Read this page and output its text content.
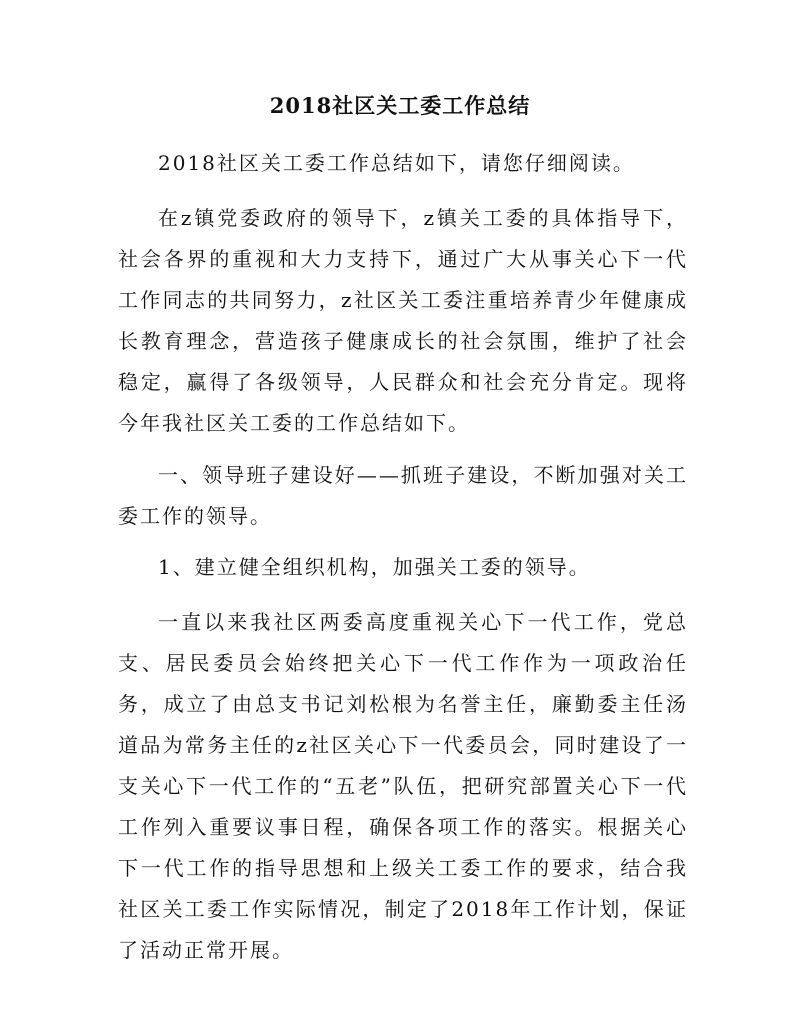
2018社区关工委工作总结
2018社区关工委工作总结如下，请您仔细阅读。
在z镇党委政府的领导下，z镇关工委的具体指导下，社会各界的重视和大力支持下，通过广大从事关心下一代工作同志的共同努力，z社区关工委注重培养青少年健康成长教育理念，营造孩子健康成长的社会氛围，维护了社会稳定，赢得了各级领导，人民群众和社会充分肯定。现将今年我社区关工委的工作总结如下。
一、领导班子建设好——抓班子建设，不断加强对关工委工作的领导。
1、建立健全组织机构，加强关工委的领导。
一直以来我社区两委高度重视关心下一代工作，党总支、居民委员会始终把关心下一代工作作为一项政治任务，成立了由总支书记刘松根为名誉主任，廉勤委主任汤道品为常务主任的z社区关心下一代委员会，同时建设了一支关心下一代工作的“五老”队伍，把研究部置关心下一代工作列入重要议事日程，确保各项工作的落实。根据关心下一代工作的指导思想和上级关工委工作的要求，结合我社区关工委工作实际情况，制定了2018年工作计划，保证了活动正常开展。
